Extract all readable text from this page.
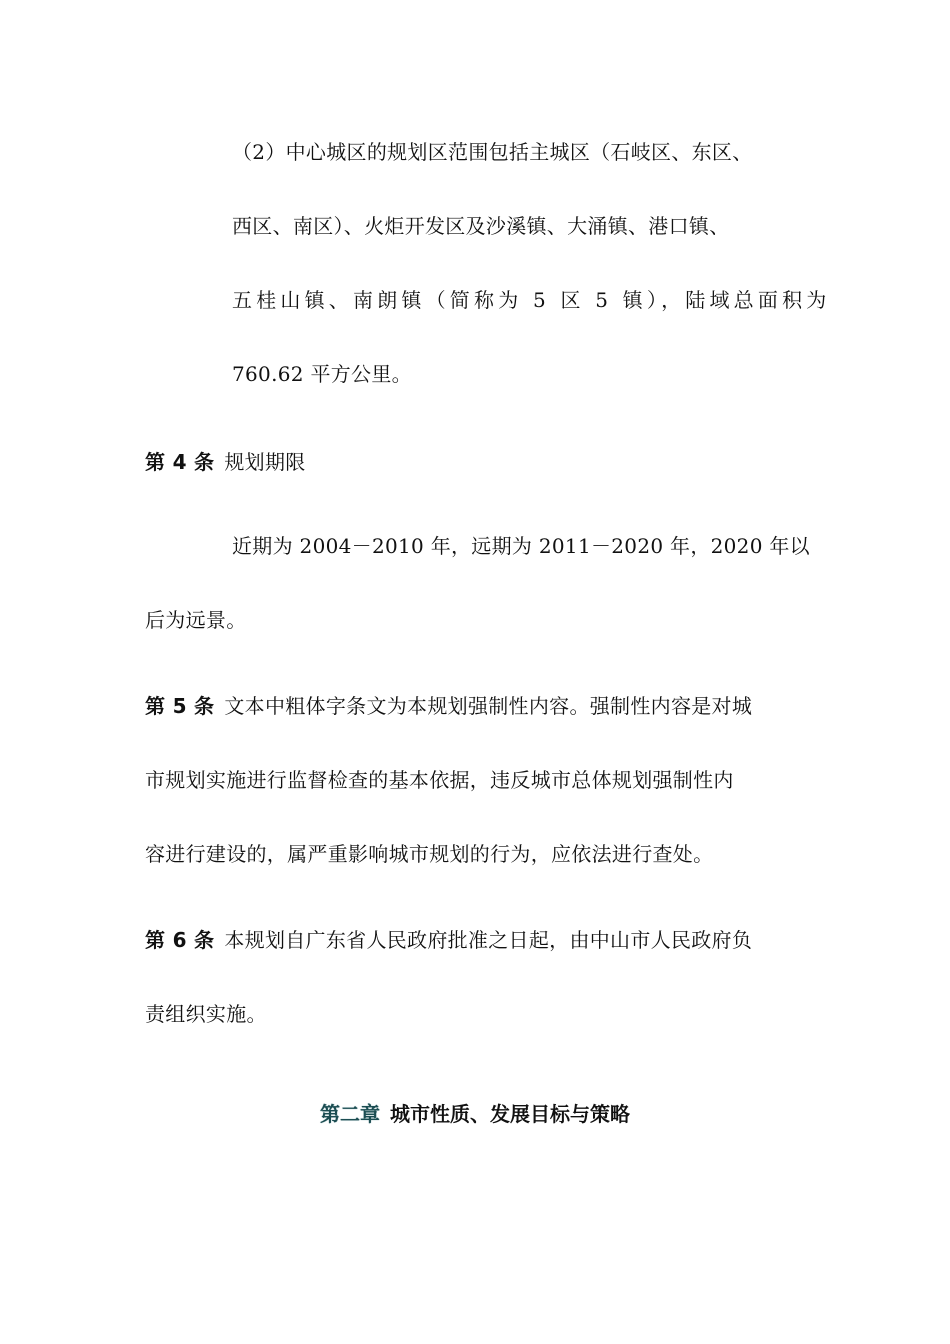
（2）中心城区的规划区范围包括主城区（石岐区、东区、
西区、南区）、火炬开发区及沙溪镇、大涌镇、港口镇、
五桂山镇、南朗镇（简称为 5 区 5 镇），陆域总面积为
760.62 平方公里。
第 4 条 规划期限
近期为 2004－2010 年，远期为 2011－2020 年，2020 年以
后为远景。
第 5 条 文本中粗体字条文为本规划强制性内容。强制性内容是对城
市规划实施进行监督检查的基本依据，违反城市总体规划强制性内
容进行建设的，属严重影响城市规划的行为，应依法进行查处。
第 6 条 本规划自广东省人民政府批准之日起，由中山市人民政府负
责组织实施。
第二章 城市性质、发展目标与策略
